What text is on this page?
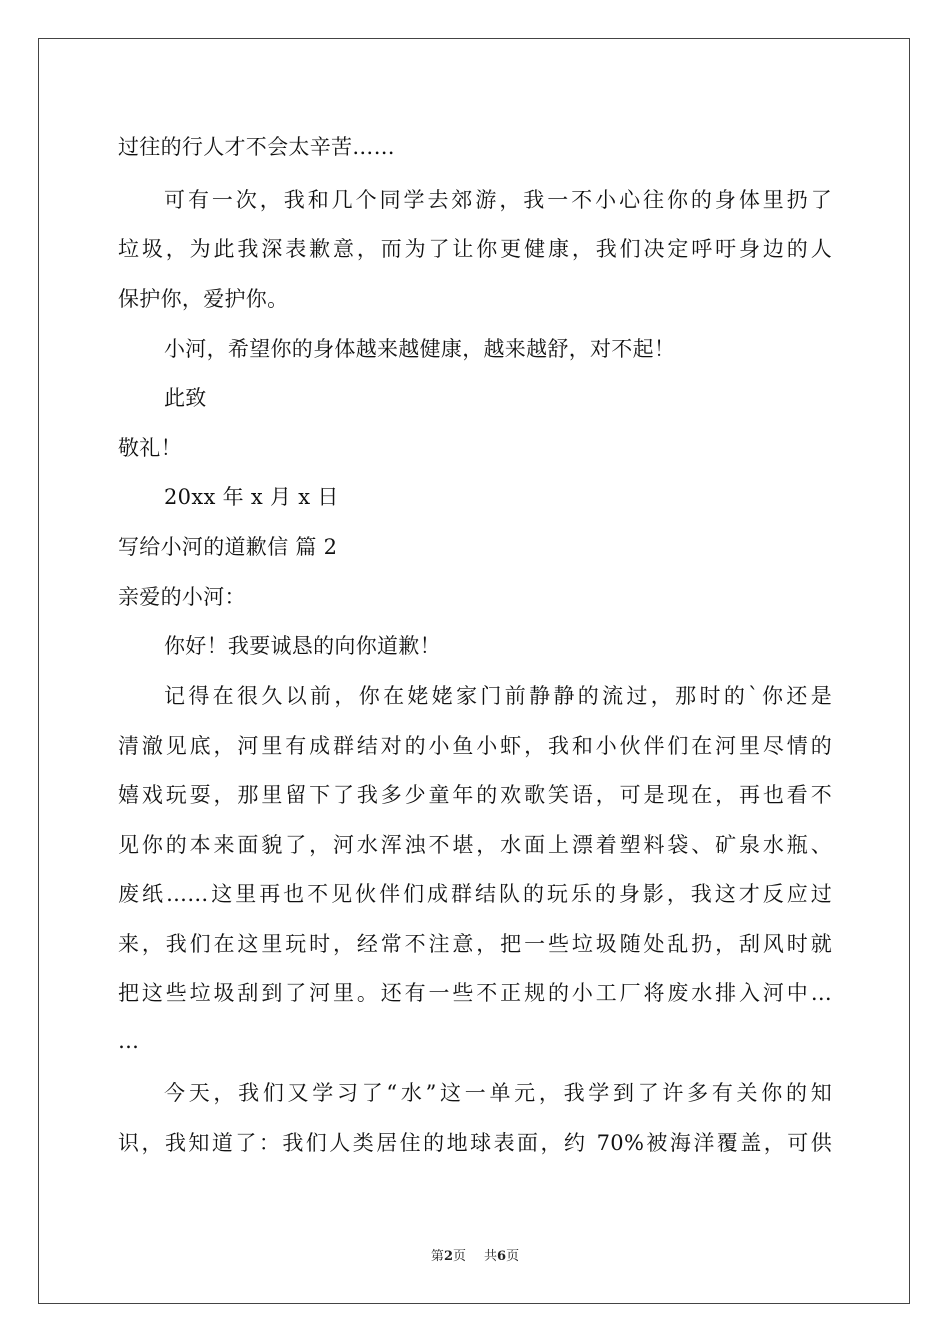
过往的行人才不会太辛苦……
可有一次，我和几个同学去郊游，我一不小心往你的身体里扔了
垃圾，为此我深表歉意，而为了让你更健康，我们决定呼吁身边的人
保护你，爱护你。
小河，希望你的身体越来越健康，越来越舒，对不起！
此致
敬礼！
20xx 年 x 月 x 日
写给小河的道歉信 篇 2
亲爱的小河：
你好！我要诚恳的向你道歉！
记得在很久以前，你在姥姥家门前静静的流过，那时的`你还是
清澈见底，河里有成群结对的小鱼小虾，我和小伙伴们在河里尽情的
嬉戏玩耍，那里留下了我多少童年的欢歌笑语，可是现在，再也看不
见你的本来面貌了，河水浑浊不堪，水面上漂着塑料袋、矿泉水瓶、
废纸……这里再也不见伙伴们成群结队的玩乐的身影，我这才反应过
来，我们在这里玩时，经常不注意，把一些垃圾随处乱扔，刮风时就
把这些垃圾刮到了河里。还有一些不正规的小工厂将废水排入河中…
…
今天，我们又学习了“水”这一单元，我学到了许多有关你的知
识，我知道了：我们人类居住的地球表面，约 70%被海洋覆盖，可供
第2页 共6页
